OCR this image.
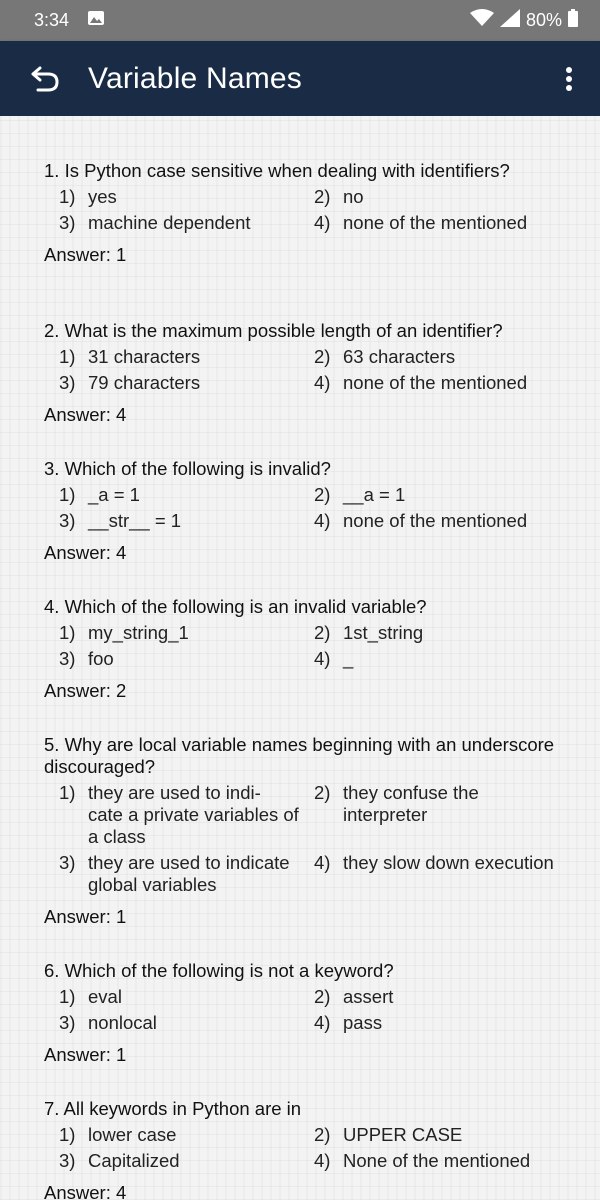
3:34	80%
Variable Names
1. Is Python case sensitive when dealing with identifiers?
1) yes	2) no
3) machine dependent	4) none of the mentioned
Answer: 1
2. What is the maximum possible length of an identifier?
1) 31 characters	2) 63 characters
3) 79 characters	4) none of the mentioned
Answer: 4
3. Which of the following is invalid?
1) _a = 1	2) __a = 1
3) __str__ = 1	4) none of the mentioned
Answer: 4
4. Which of the following is an invalid variable?
1) my_string_1	2) 1st_string
3) foo	4) _
Answer: 2
5. Why are local variable names beginning with an underscore discouraged?
1) they are used to indi- cate a private variables of a class
2) they confuse the interpreter
3) they are used to indicate global variables
4) they slow down execution
Answer: 1
6. Which of the following is not a keyword?
1) eval	2) assert
3) nonlocal	4) pass
Answer: 1
7. All keywords in Python are in
1) lower case	2) UPPER CASE
3) Capitalized	4) None of the mentioned
Answer: 4
